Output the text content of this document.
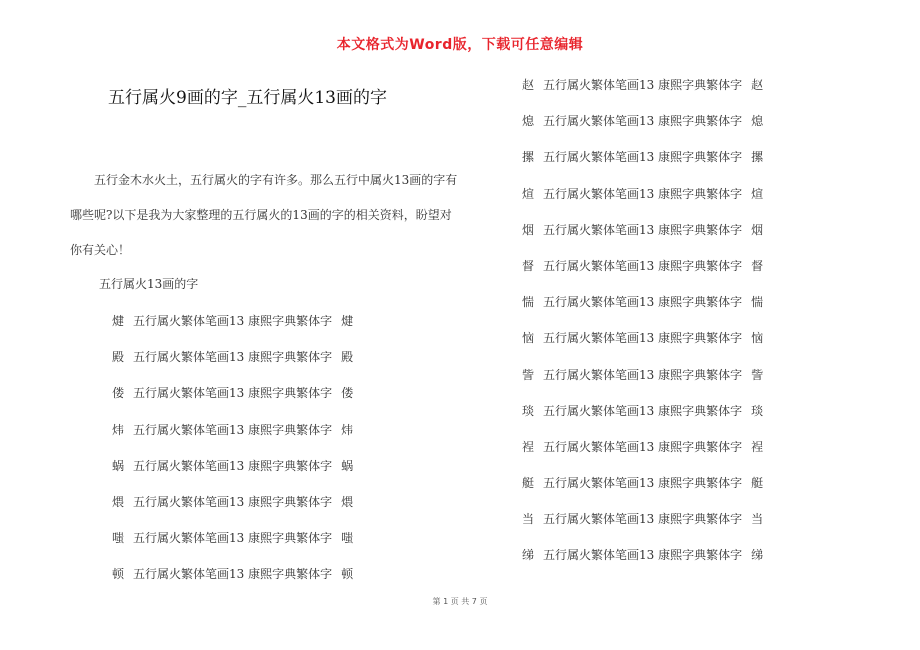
本文格式为Word版，下载可任意编辑
五行属火9画的字_五行属火13画的字

五行金木水火土，五行属火的字有许多。那么五行中属火13画的字有哪些呢?以下是我为大家整理的五行属火的13画的字的相关资料，盼望对你有关心！

五行属火13画的字
煡 五行属火繁体笔画13 康熙字典繁体字 煡
殿 五行属火繁体笔画13 康熙字典繁体字 殿
偻 五行属火繁体笔画13 康熙字典繁体字 偻
炜 五行属火繁体笔画13 康熙字典繁体字 炜
蜗 五行属火繁体笔画13 康熙字典繁体字 蜗
煨 五行属火繁体笔画13 康熙字典繁体字 煨
嗤 五行属火繁体笔画13 康熙字典繁体字 嗤
顿 五行属火繁体笔画13 康熙字典繁体字 顿
赵 五行属火繁体笔画13 康熙字典繁体字 赵
熄 五行属火繁体笔画13 康熙字典繁体字 熄
摞 五行属火繁体笔画13 康熙字典繁体字 摞
煊 五行属火繁体笔画13 康熙字典繁体字 煊
烟 五行属火繁体笔画13 康熙字典繁体字 烟
督 五行属火繁体笔画13 康熙字典繁体字 督
惴 五行属火繁体笔画13 康熙字典繁体字 惴
恼 五行属火繁体笔画13 康熙字典繁体字 恼
訾 五行属火繁体笔画13 康熙字典繁体字 訾
琰 五行属火繁体笔画13 康熙字典繁体字 琰
裎 五行属火繁体笔画13 康熙字典繁体字 裎
艇 五行属火繁体笔画13 康熙字典繁体字 艇
当 五行属火繁体笔画13 康熙字典繁体字 当
绨 五行属火繁体笔画13 康熙字典繁体字 绨
第 1 页 共 7 页
